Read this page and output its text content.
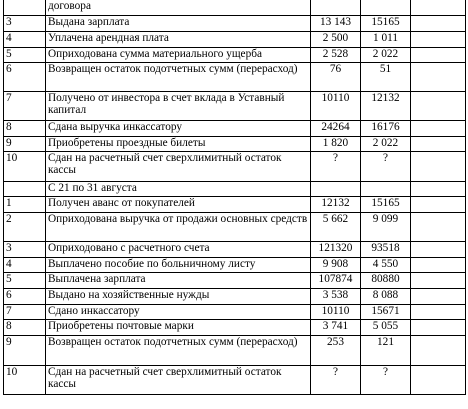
	договора			
3	Выдана зарплата	13 143	15165	
4	Уплачена арендная плата	2 500	1 011	
5	Оприходована сумма материального ущерба	2 528	2 022	
6	Возвращен остаток подотчетных сумм (перерасход)	76	51	
7	Получено от инвестора в счет вклада в Уставный капитал	10110	12132	
8	Сдана выручка инкассатору	24264	16176	
9	Приобретены проездные билеты	1 820	2 022	
10	Сдан на расчетный счет сверхлимитный остаток кассы	?	?	
	С 21 по 31 августа			
1	Получен аванс от покупателей	12132	15165	
2	Оприходована выручка от продажи основных средств	5 662	9 099	
3	Оприходовано с расчетного счета	121320	93518	
4	Выплачено пособие по больничному листу	9 908	4 550	
5	Выплачена зарплата	107874	80880	
6	Выдано на хозяйственные нужды	3 538	8 088	
7	Сдано инкассатору	10110	15671	
8	Приобретены почтовые марки	3 741	5 055	
9	Возвращен остаток подотчетных сумм (перерасход)	253	121	
10	Сдан на расчетный счет сверхлимитный остаток кассы	?	?	
